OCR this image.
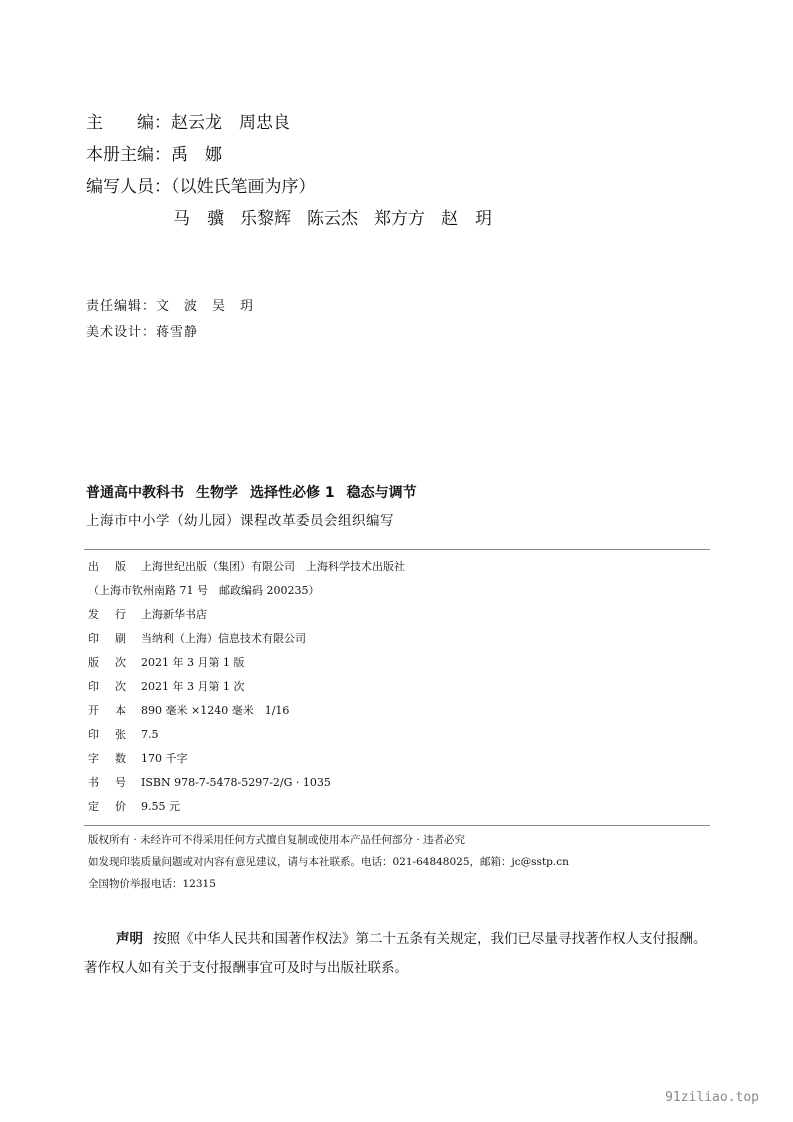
主　　编：赵云龙　周忠良
本册主编：禹　娜
编写人员：（以姓氏笔画为序）
马　骥 乐黎辉 陈云杰 郑方方 赵　玥
责任编辑：文　波　吴　玥
美术设计：蒋雪静
普通高中教科书 生物学 选择性必修 1 稳态与调节
上海市中小学（幼儿园）课程改革委员会组织编写
出 版 上海世纪出版（集团）有限公司　上海科学技术出版社
（上海市钦州南路 71 号　邮政编码 200235）
发 行 上海新华书店
印 刷 当纳利（上海）信息技术有限公司
版 次 2021 年 3 月第 1 版
印 次 2021 年 3 月第 1 次
开 本 890 毫米 ×1240 毫米　1/16
印 张 7.5
字 数 170 千字
书 号 ISBN 978-7-5478-5297-2/G · 1035
定 价 9.55 元
版权所有 · 未经许可不得采用任何方式擅自复制或使用本产品任何部分 · 违者必究
如发现印装质量问题或对内容有意见建议，请与本社联系。电话：021-64848025，邮箱：jc@sstp.cn
全国物价举报电话：12315
声明 按照《中华人民共和国著作权法》第二十五条有关规定，我们已尽量寻找著作权人支付报酬。著作权人如有关于支付报酬事宜可及时与出版社联系。
91ziliao.top
